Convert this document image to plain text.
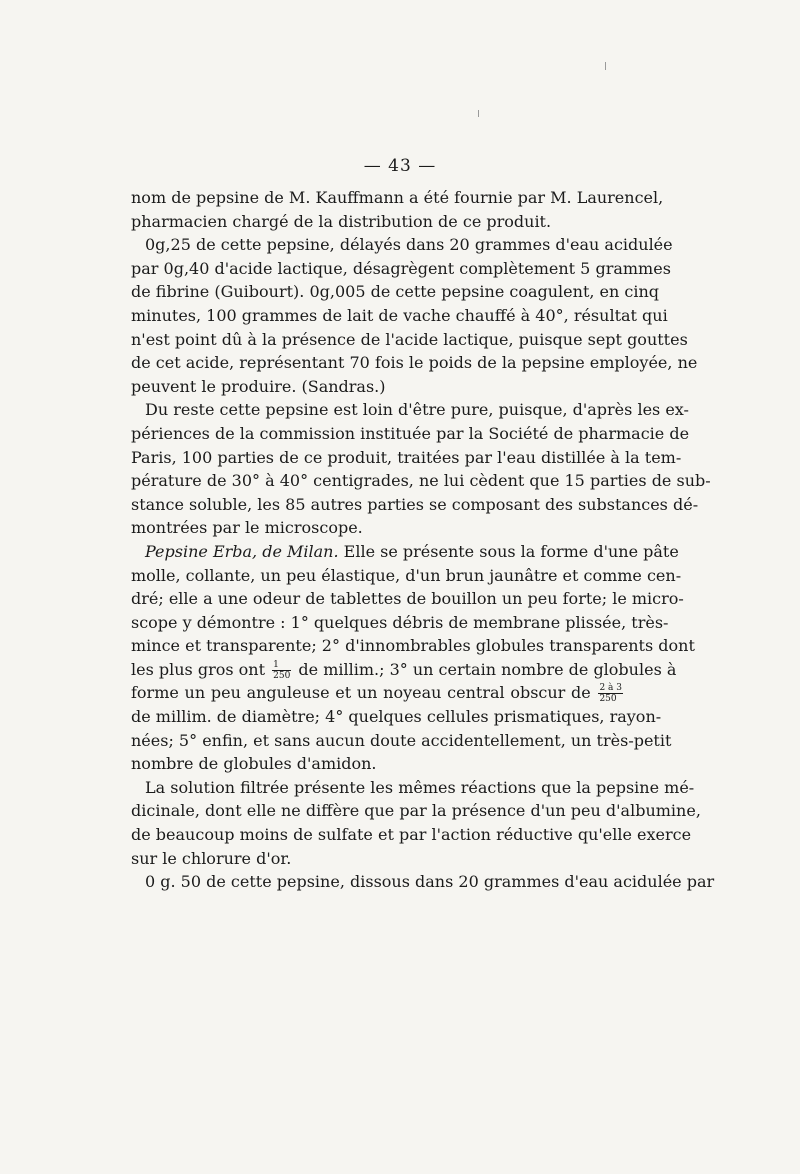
— 43 —
nom de pepsine de M. Kauffmann a été fournie par M. Laurencel,
pharmacien chargé de la distribution de ce produit.
0g,25 de cette pepsine, délayés dans 20 grammes d'eau acidulée
par 0g,40 d'acide lactique, désagrègent complètement 5 grammes
de fibrine (Guibourt). 0g,005 de cette pepsine coagulent, en cinq
minutes, 100 grammes de lait de vache chauffé à 40°, résultat qui
n'est point dû à la présence de l'acide lactique, puisque sept gouttes
de cet acide, représentant 70 fois le poids de la pepsine employée, ne
peuvent le produire. (Sandras.)
Du reste cette pepsine est loin d'être pure, puisque, d'après les ex-
périences de la commission instituée par la Société de pharmacie de
Paris, 100 parties de ce produit, traitées par l'eau distillée à la tem-
pérature de 30° à 40° centigrades, ne lui cèdent que 15 parties de sub-
stance soluble, les 85 autres parties se composant des substances dé-
montrées par le microscope.
Pepsine Erba, de Milan. Elle se présente sous la forme d'une pâte
molle, collante, un peu élastique, d'un brun jaunâtre et comme cen-
dré; elle a une odeur de tablettes de bouillon un peu forte; le micro-
scope y démontre : 1° quelques débris de membrane plissée, très-
mince et transparente; 2° d'innombrables globules transparents dont
les plus gros ont $\frac{1}{250}$ de millim.; 3° un certain nombre de globules à
forme un peu anguleuse et un noyeau central obscur de $\frac{2 à 3}{250}$
de millim. de diamètre; 4° quelques cellules prismatiques, rayon-
nées; 5° enfin, et sans aucun doute accidentellement, un très-petit
nombre de globules d'amidon.
La solution filtrée présente les mêmes réactions que la pepsine mé-
dicinale, dont elle ne diffère que par la présence d'un peu d'albumine,
de beaucoup moins de sulfate et par l'action réductive qu'elle exerce
sur le chlorure d'or.
0 g. 50 de cette pepsine, dissous dans 20 grammes d'eau acidulée par
